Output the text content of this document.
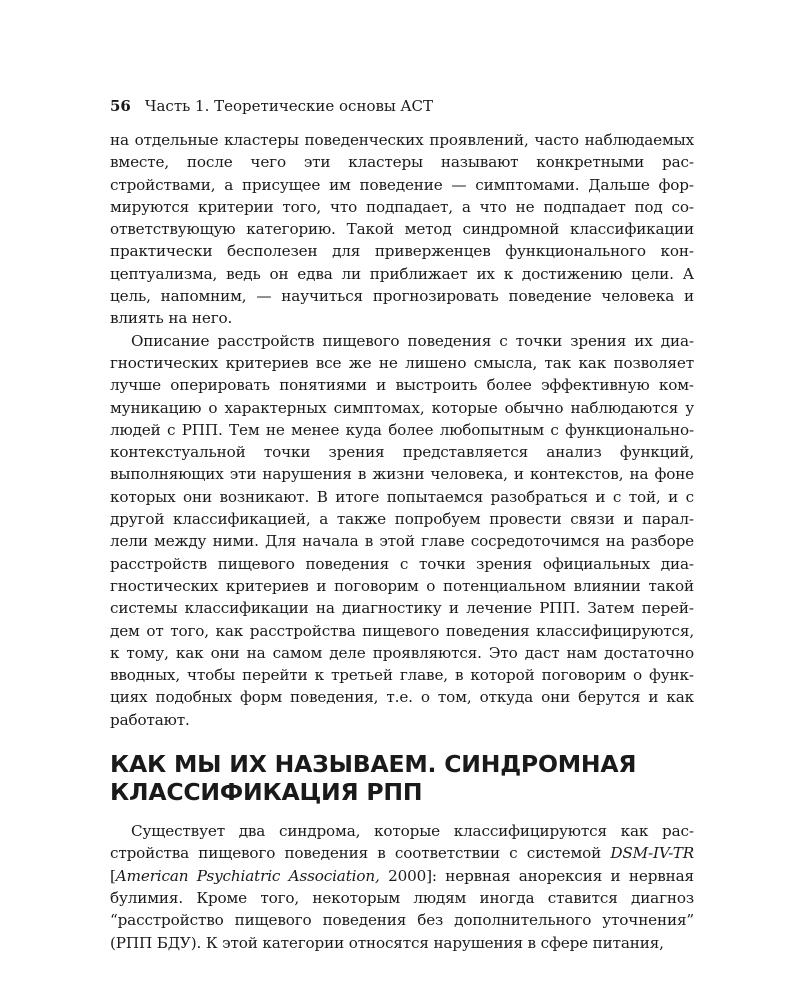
56 Часть 1. Теоретические основы ACT

на отдельные кластеры поведенческих проявлений, часто наблюдаемых вместе, после чего эти кластеры называют конкретными расстройствами, а присущее им поведение — симптомами. Дальше формируются критерии того, что подпадает, а что не подпадает под соответствующую категорию. Такой метод синдромной классификации практически бесполезен для приверженцев функционального концептуализма, ведь он едва ли приближает их к достижению цели. А цель, напомним, — научиться прогнозировать поведение человека и влиять на него.

Описание расстройств пищевого поведения с точки зрения их диагностических критериев все же не лишено смысла, так как позволяет лучше оперировать понятиями и выстроить более эффективную коммуникацию о характерных симптомах, которые обычно наблюдаются у людей с РПП. Тем не менее куда более любопытным с функционально-контекстуальной точки зрения представляется анализ функций, выполняющих эти нарушения в жизни человека, и контекстов, на фоне которых они возникают. В итоге попытаемся разобраться и с той, и с другой классификацией, а также попробуем провести связи и параллели между ними. Для начала в этой главе сосредоточимся на разборе расстройств пищевого поведения с точки зрения официальных диагностических критериев и поговорим о потенциальном влиянии такой системы классификации на диагностику и лечение РПП. Затем перейдем от того, как расстройства пищевого поведения классифицируются, к тому, как они на самом деле проявляются. Это даст нам достаточно вводных, чтобы перейти к третьей главе, в которой поговорим о функциях подобных форм поведения, т.е. о том, откуда они берутся и как работают.

КАК МЫ ИХ НАЗЫВАЕМ. СИНДРОМНАЯ КЛАССИФИКАЦИЯ РПП

Существует два синдрома, которые классифицируются как расстройства пищевого поведения в соответствии с системой DSM-IV-TR [American Psychiatric Association, 2000]: нервная анорексия и нервная булимия. Кроме того, некоторым людям иногда ставится диагноз “расстройство пищевого поведения без дополнительного уточнения” (РПП БДУ). К этой категории относятся нарушения в сфере питания,
